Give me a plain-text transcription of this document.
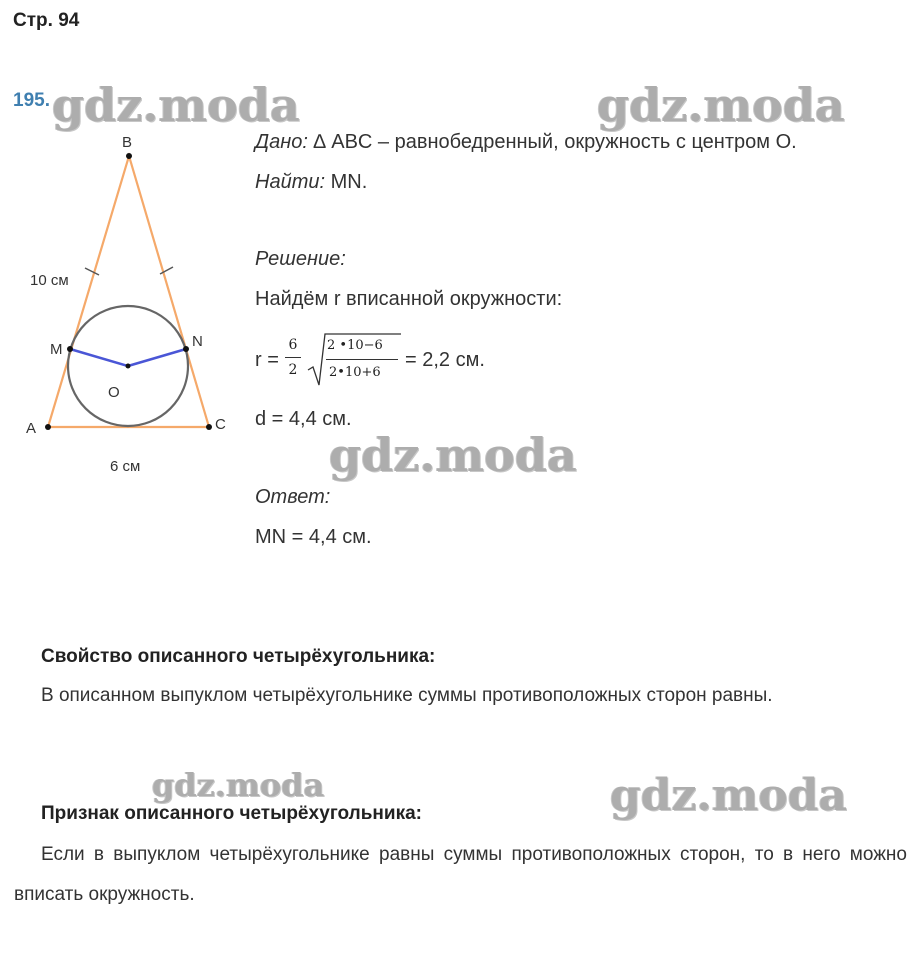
Стр. 94
195.
B
A	C
M	N
O
10 см
6 см
Дано: ∆ ABC – равнобедренный, окружность с центром O.
Найти: MN.
Решение:
Найдём r вписанной окружности:
r =
6
2
2 •10−6
2•10+6
= 2,2 см.
d = 4,4 см.
Ответ:
MN = 4,4 см.
Свойство описанного четырёхугольника:
В описанном выпуклом четырёхугольнике суммы противоположных сторон равны.
Признак описанного четырёхугольника:
Если в выпуклом четырёхугольнике равны суммы противоположных сторон, то в него можно вписать окружность.
gdz.moda	gdz.moda
gdz.moda
gdz.moda	gdz.moda
